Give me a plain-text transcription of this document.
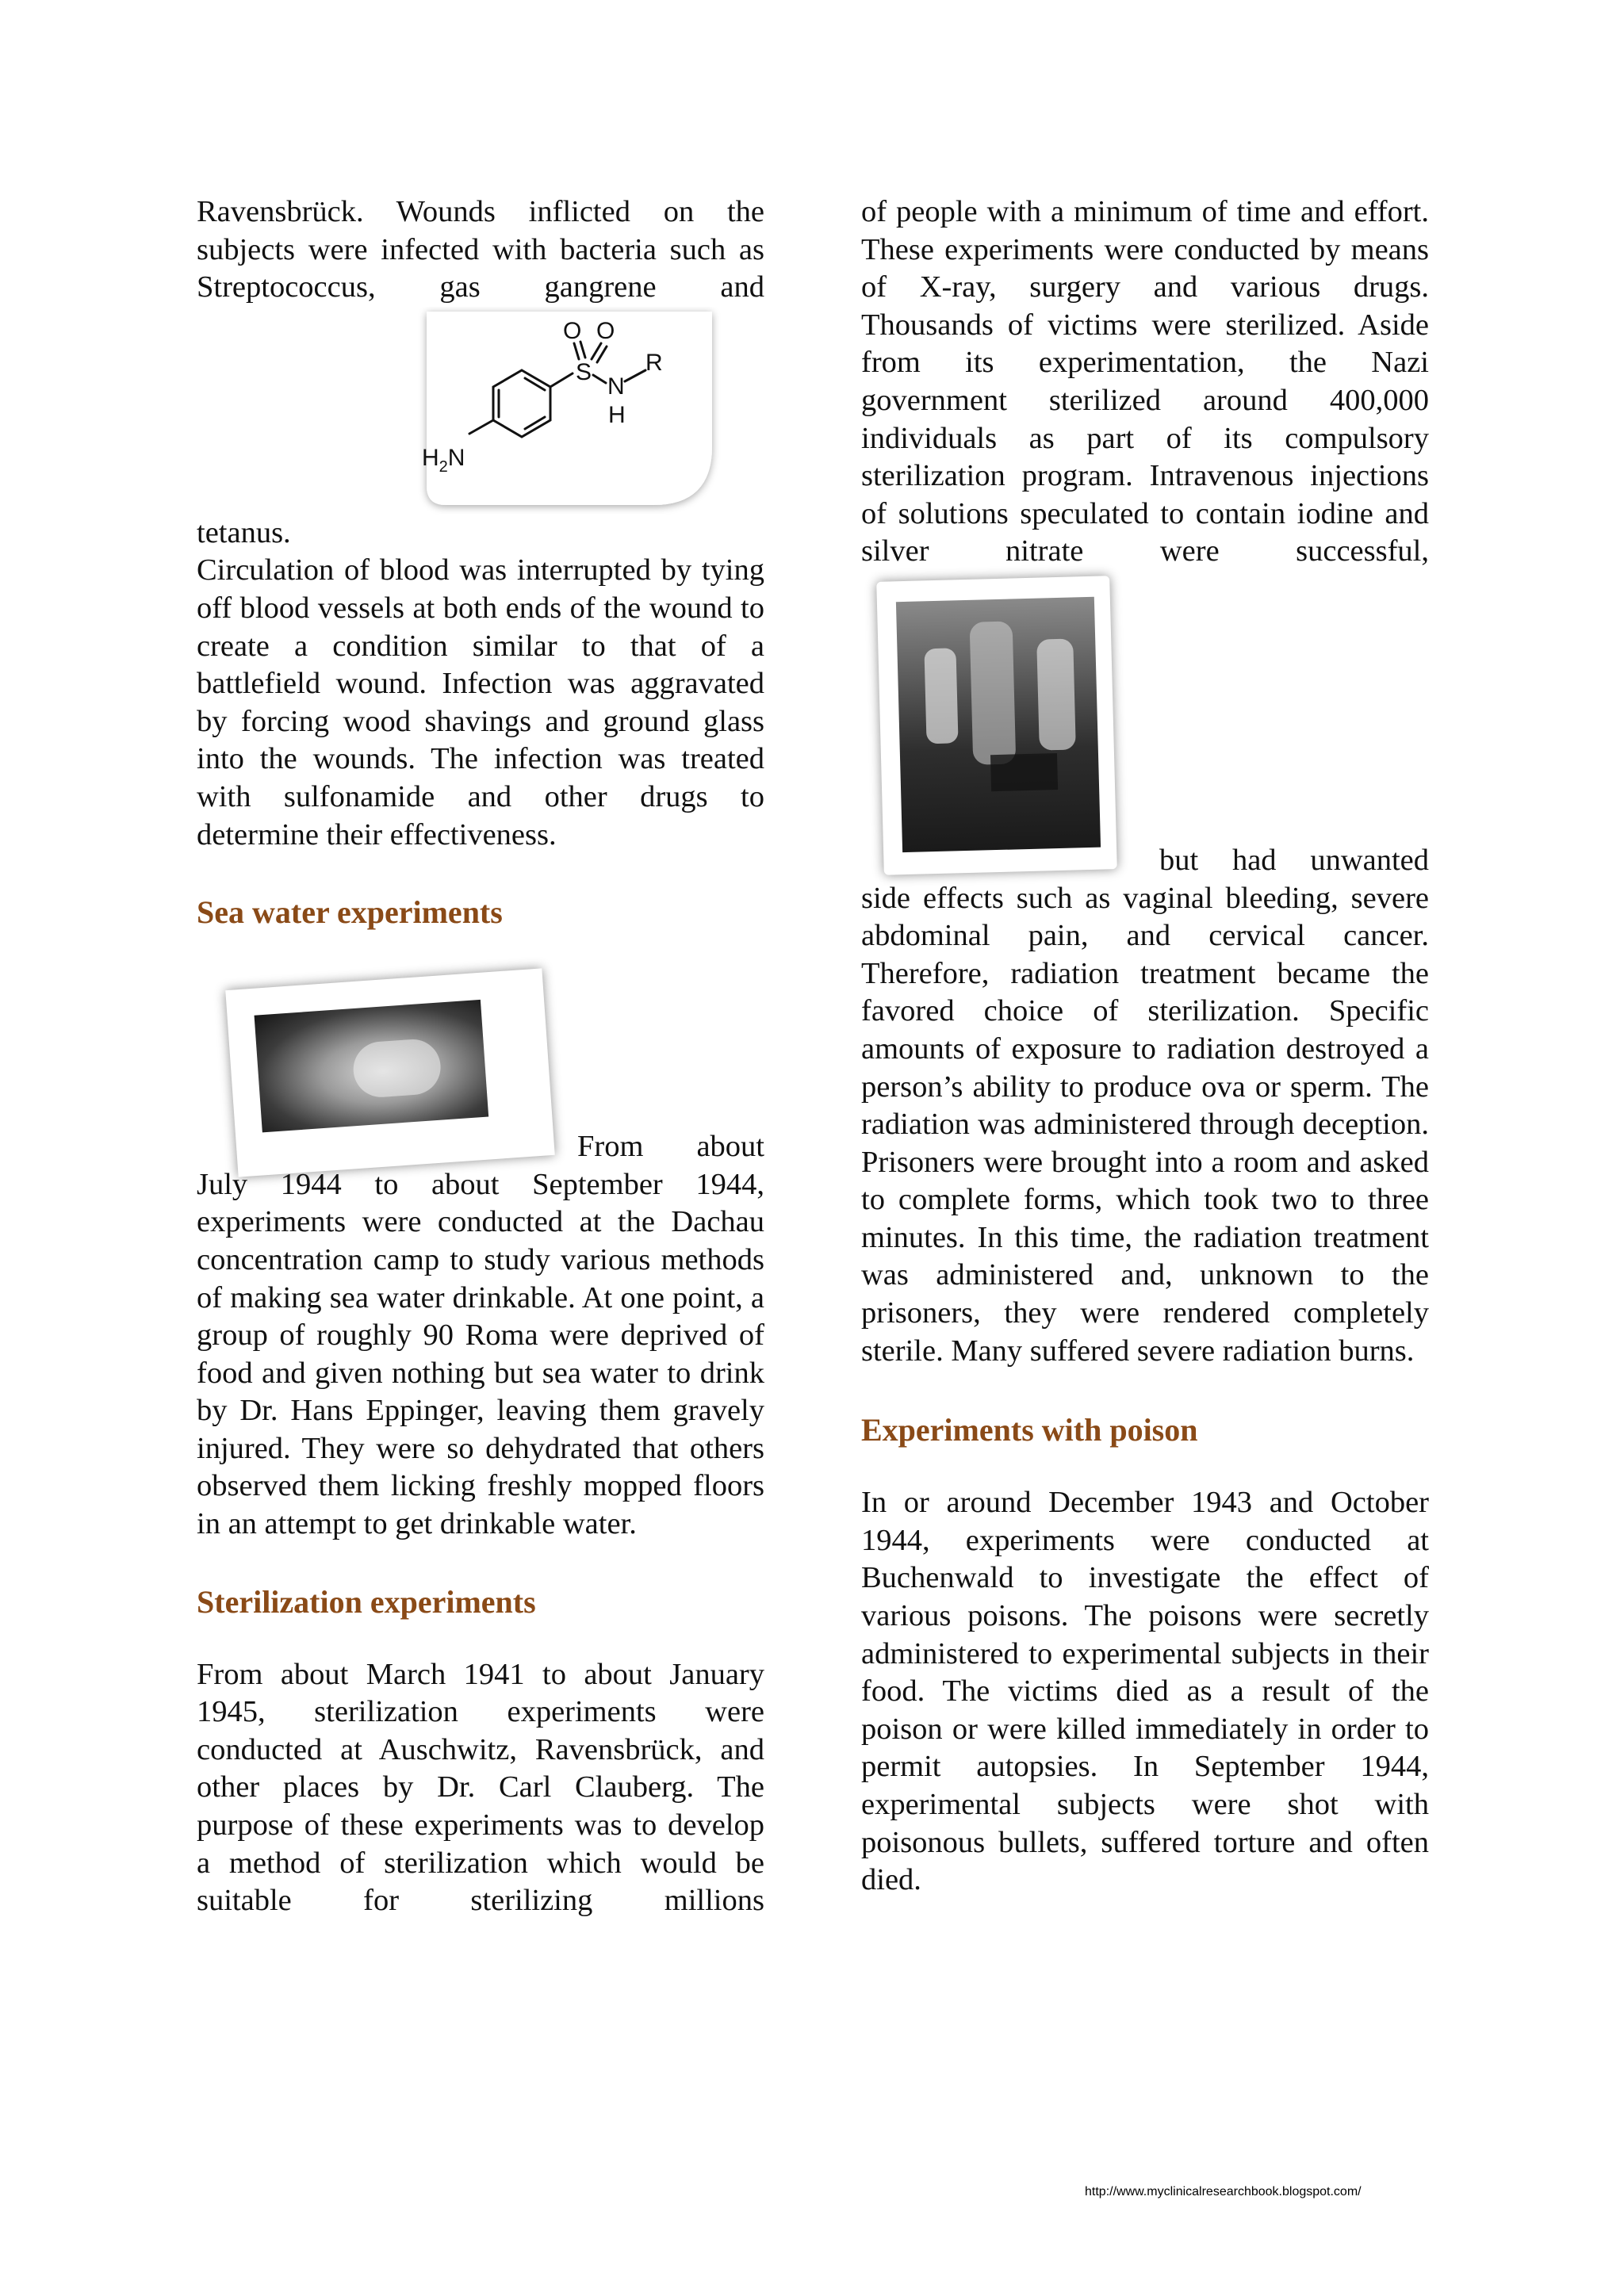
Ravensbrück. Wounds inflicted on the subjects were infected with bacteria such as Streptococcus, gas gangrene and

O O
S
N
H
R
$H_2N$

tetanus.

Circulation of blood was interrupted by tying off blood vessels at both ends of the wound to create a condition similar to that of a battlefield wound. Infection was aggravated by forcing wood shavings and ground glass into the wounds. The infection was treated with sulfonamide and other drugs to determine their effectiveness.

Sea water experiments

From about

July 1944 to about September 1944, experiments were conducted at the Dachau concentration camp to study various methods of making sea water drinkable. At one point, a group of roughly 90 Roma were deprived of food and given nothing but sea water to drink by Dr. Hans Eppinger, leaving them gravely injured. They were so dehydrated that others observed them licking freshly mopped floors in an attempt to get drinkable water.

Sterilization experiments

From about March 1941 to about January 1945, sterilization experiments were conducted at Auschwitz, Ravensbrück, and other places by Dr. Carl Clauberg. The purpose of these experiments was to develop a method of sterilization which would be suitable for sterilizing millions

of people with a minimum of time and effort. These experiments were conducted by means of X-ray, surgery and various drugs. Thousands of victims were sterilized. Aside from its experimentation, the Nazi government sterilized around 400,000 individuals as part of its compulsory sterilization program. Intravenous injections of solutions speculated to contain iodine and silver nitrate were successful,

but had unwanted

side effects such as vaginal bleeding, severe abdominal pain, and cervical cancer. Therefore, radiation treatment became the favored choice of sterilization. Specific amounts of exposure to radiation destroyed a person’s ability to produce ova or sperm. The radiation was administered through deception. Prisoners were brought into a room and asked to complete forms, which took two to three minutes. In this time, the radiation treatment was administered and, unknown to the prisoners, they were rendered completely sterile. Many suffered severe radiation burns.

Experiments with poison

In or around December 1943 and October 1944, experiments were conducted at Buchenwald to investigate the effect of various poisons. The poisons were secretly administered to experimental subjects in their food. The victims died as a result of the poison or were killed immediately in order to permit autopsies. In September 1944, experimental subjects were shot with poisonous bullets, suffered torture and often died.

http://www.myclinicalresearchbook.blogspot.com/
